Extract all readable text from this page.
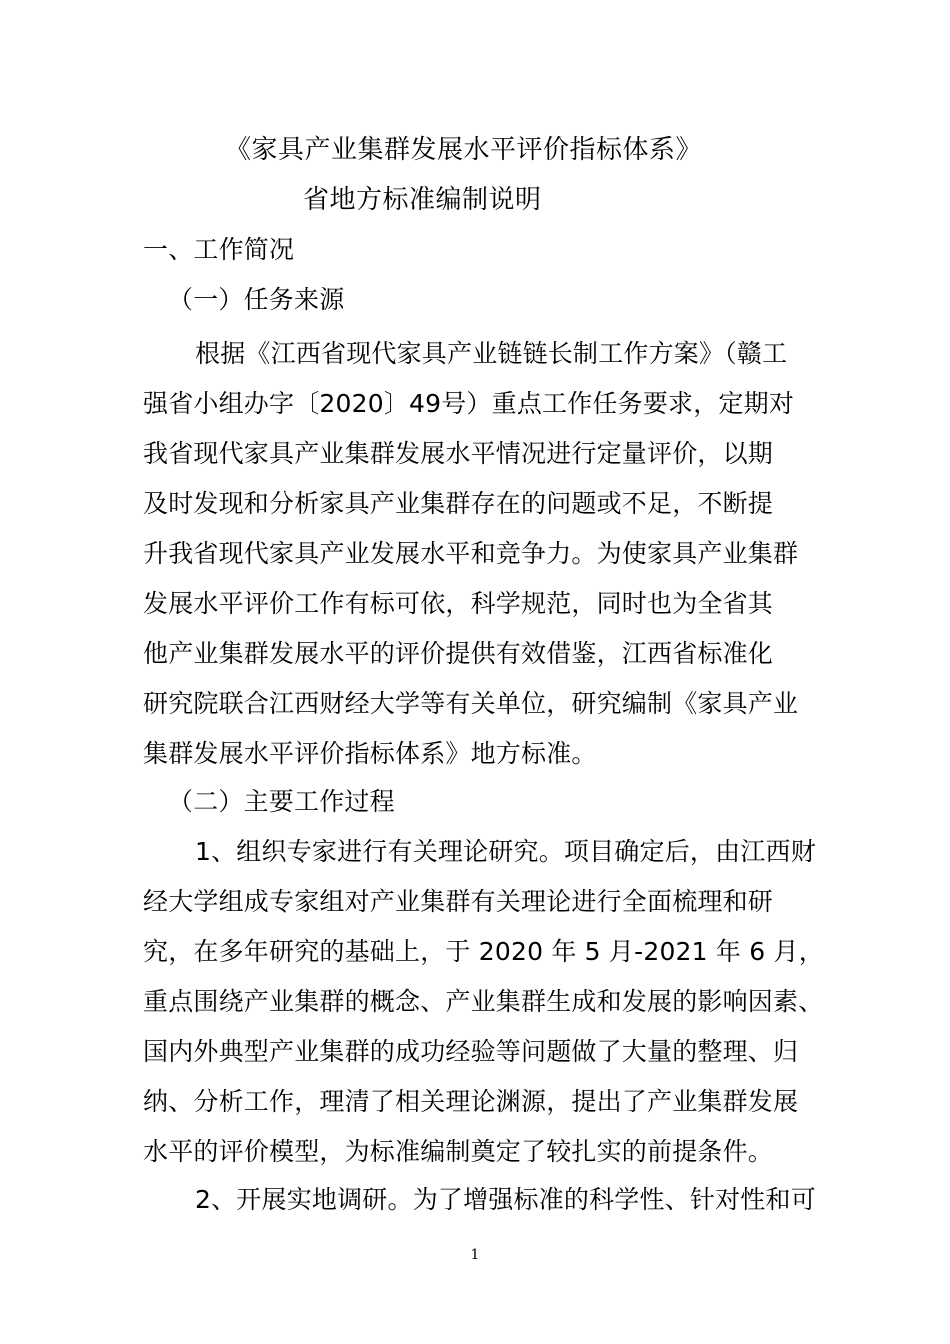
《家具产业集群发展水平评价指标体系》
省地方标准编制说明
一、工作简况
（一）任务来源
根据《江西省现代家具产业链链长制工作方案》（赣工
强省小组办字〔2020〕49号）重点工作任务要求，定期对
我省现代家具产业集群发展水平情况进行定量评价，以期
及时发现和分析家具产业集群存在的问题或不足，不断提
升我省现代家具产业发展水平和竞争力。为使家具产业集群
发展水平评价工作有标可依，科学规范，同时也为全省其
他产业集群发展水平的评价提供有效借鉴，江西省标准化
研究院联合江西财经大学等有关单位，研究编制《家具产业
集群发展水平评价指标体系》地方标准。
（二）主要工作过程
1、组织专家进行有关理论研究。项目确定后，由江西财
经大学组成专家组对产业集群有关理论进行全面梳理和研
究，在多年研究的基础上，于 2020 年 5 月-2021 年 6 月，
重点围绕产业集群的概念、产业集群生成和发展的影响因素、
国内外典型产业集群的成功经验等问题做了大量的整理、归
纳、分析工作，理清了相关理论渊源，提出了产业集群发展
水平的评价模型，为标准编制奠定了较扎实的前提条件。
2、开展实地调研。为了增强标准的科学性、针对性和可
1
